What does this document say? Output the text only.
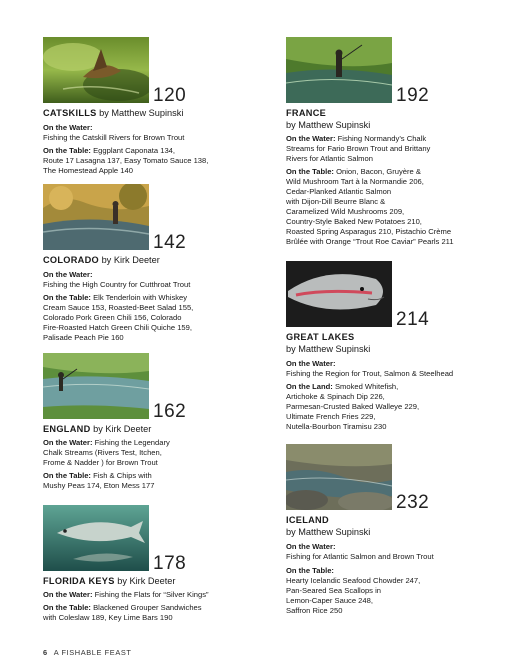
120
CATSKILLS by Matthew Supinski
On the Water:
Fishing the Catskill Rivers for Brown Trout
On the Table: Eggplant Caponata 134,
Route 17 Lasagna 137, Easy Tomato Sauce 138,
The Homestead Apple 140
142
COLORADO by Kirk Deeter
On the Water:
Fishing the High Country for Cutthroat Trout
On the Table: Elk Tenderloin with Whiskey
Cream Sauce 153, Roasted-Beet Salad 155,
Colorado Pork Green Chili 156, Colorado
Fire-Roasted Hatch Green Chili Quiche 159,
Palisade Peach Pie 160
162
ENGLAND by Kirk Deeter
On the Water: Fishing the Legendary
Chalk Streams (Rivers Test, Itchen,
Frome & Nadder ) for Brown Trout
On the Table: Fish & Chips with
Mushy Peas 174, Eton Mess 177
178
FLORIDA KEYS by Kirk Deeter
On the Water: Fishing the Flats for “Silver Kings”
On the Table: Blackened Grouper Sandwiches
with Coleslaw 189, Key Lime Bars 190
192
FRANCE
by Matthew Supinski
On the Water: Fishing Normandy’s Chalk
Streams for Fario Brown Trout and Brittany
Rivers for Atlantic Salmon
On the Table: Onion, Bacon, Gruyère &
Wild Mushroom Tart à la Normandie 206,
Cedar-Planked Atlantic Salmon
with Dijon-Dill Beurre Blanc &
Caramelized Wild Mushrooms 209,
Country-Style Baked New Potatoes 210,
Roasted Spring Asparagus 210, Pistachio Crème
Brûlée with Orange “Trout Roe Caviar” Pearls 211
214
GREAT LAKES
by Matthew Supinski
On the Water:
Fishing the Region for Trout, Salmon & Steelhead
On the Land: Smoked Whitefish,
Artichoke & Spinach Dip 226,
Parmesan-Crusted Baked Walleye 229,
Ultimate French Fries 229,
Nutella-Bourbon Tiramisu 230
232
ICELAND
by Matthew Supinski
On the Water:
Fishing for Atlantic Salmon and Brown Trout
On the Table:
Hearty Icelandic Seafood Chowder 247,
Pan-Seared Sea Scallops in
Lemon-Caper Sauce 248,
Saffron Rice 250
6 A FISHABLE FEAST
